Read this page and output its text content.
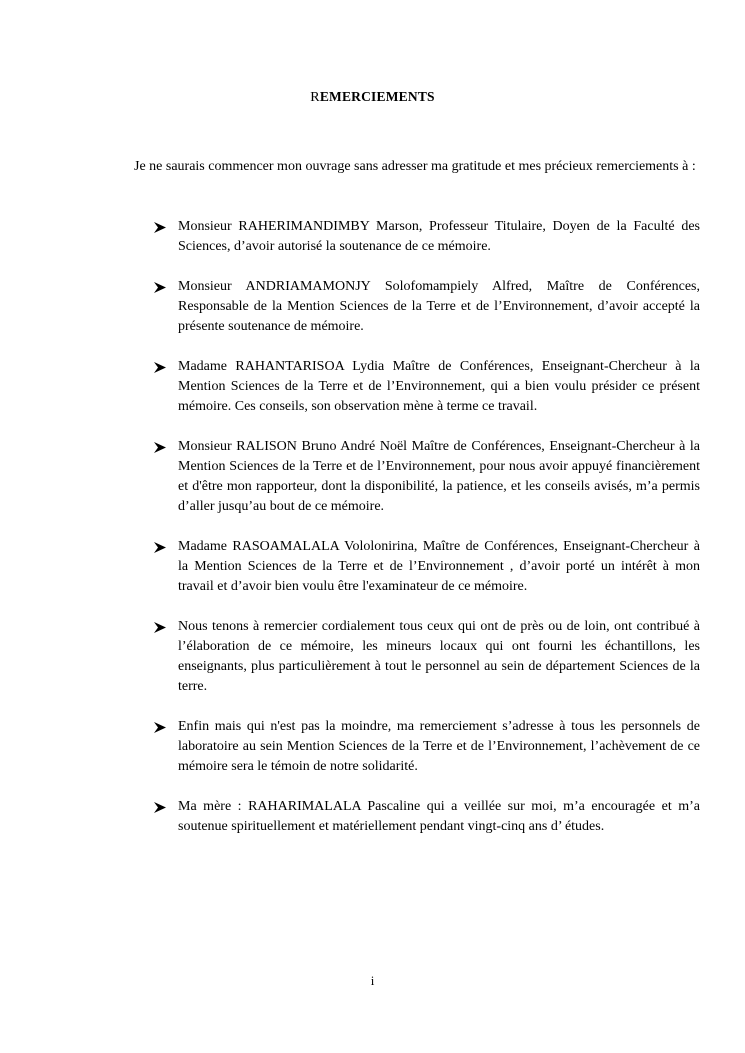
REMERCIEMENTS

Je ne saurais commencer mon ouvrage sans adresser ma gratitude et mes précieux remerciements à :

Monsieur RAHERIMANDIMBY Marson, Professeur Titulaire, Doyen de la Faculté des Sciences, d’avoir autorisé la soutenance de ce mémoire.
Monsieur ANDRIAMAMONJY Solofomampiely Alfred, Maître de Conférences, Responsable de la Mention Sciences de la Terre et de l’Environnement, d’avoir accepté la présente soutenance de mémoire.
Madame RAHANTARISOA Lydia Maître de Conférences, Enseignant-Chercheur à la Mention Sciences de la Terre et de l’Environnement, qui a bien voulu présider ce présent mémoire. Ces conseils, son observation mène à terme ce travail.
Monsieur RALISON Bruno André Noël Maître de Conférences, Enseignant-Chercheur à la Mention Sciences de la Terre et de l’Environnement, pour nous avoir appuyé financièrement et d'être mon rapporteur, dont la disponibilité, la patience, et les conseils avisés, m’a permis d’aller jusqu’au bout de ce mémoire.
Madame RASOAMALALA Vololonirina, Maître de Conférences, Enseignant-Chercheur à la Mention Sciences de la Terre et de l’Environnement , d’avoir porté un intérêt à mon travail et d’avoir bien voulu être l'examinateur de ce mémoire.
Nous tenons à remercier cordialement tous ceux qui ont de près ou de loin, ont contribué à l’élaboration de ce mémoire, les mineurs locaux qui ont fourni les échantillons, les enseignants, plus particulièrement à tout le personnel au sein de département Sciences de la terre.
Enfin mais qui n'est pas la moindre, ma remerciement s’adresse à tous les personnels de laboratoire au sein Mention Sciences de la Terre et de l’Environnement, l’achèvement de ce mémoire sera le témoin de notre solidarité.
Ma mère : RAHARIMALALA Pascaline qui a veillée sur moi, m’a encouragée et m’a soutenue spirituellement et matériellement pendant vingt-cinq ans d’ études.
i
